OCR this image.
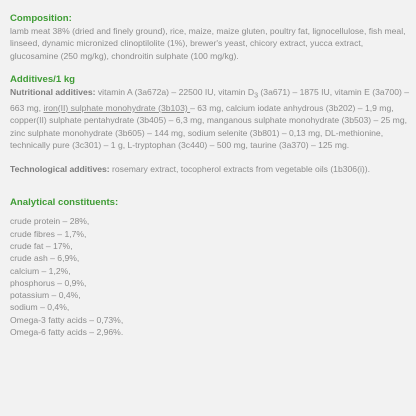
Composition:

lamb meat 38% (dried and finely ground), rice, maize, maize gluten, poultry fat, lignocellulose, fish meal, linseed, dynamic micronized clinoptilolite (1%), brewer's yeast, chicory extract, yucca extract, glucosamine (250 mg/kg), chondroitin sulphate (100 mg/kg).

Additives/1 kg

Nutritional additives: vitamin A (3a672a) – 22500 IU, vitamin $D_3$ (3a671) – 1875 IU, vitamin E (3a700) – 663 mg, iron(II) sulphate monohydrate (3b103) – 63 mg, calcium iodate anhydrous (3b202) – 1,9 mg, copper(II) sulphate pentahydrate (3b405) – 6,3 mg, manganous sulphate monohydrate (3b503) – 25 mg, zinc sulphate monohydrate (3b605) – 144 mg, sodium selenite (3b801) – 0,13 mg, DL-methionine, technically pure (3c301) – 1 g, L-tryptophan (3c440) – 500 mg, taurine (3a370) – 125 mg.

Technological additives: rosemary extract, tocopherol extracts from vegetable oils (1b306(i)).

Analytical constituents:
crude protein – 28%,
crude fibres – 1,7%,
crude fat – 17%,
crude ash – 6,9%,
calcium – 1,2%,
phosphorus – 0,9%,
potassium – 0,4%,
sodium – 0,4%,
Omega-3 fatty acids – 0,73%,
Omega-6 fatty acids – 2,96%.
